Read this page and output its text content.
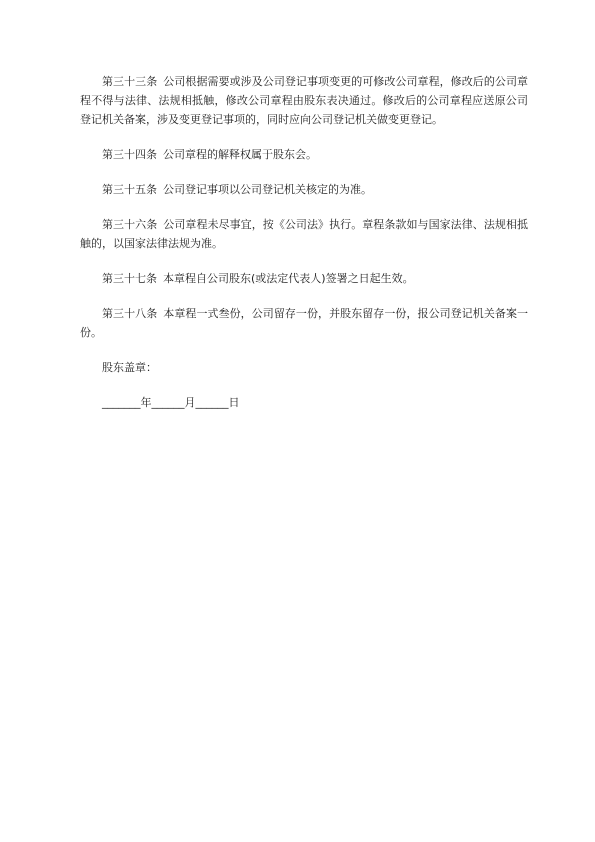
第三十三条 公司根据需要或涉及公司登记事项变更的可修改公司章程，修改后的公司章程不得与法律、法规相抵触，修改公司章程由股东表决通过。修改后的公司章程应送原公司登记机关备案，涉及变更登记事项的，同时应向公司登记机关做变更登记。

第三十四条 公司章程的解释权属于股东会。

第三十五条 公司登记事项以公司登记机关核定的为准。

第三十六条 公司章程未尽事宜，按《公司法》执行。章程条款如与国家法律、法规相抵触的，以国家法律法规为准。

第三十七条 本章程自公司股东(或法定代表人)签署之日起生效。

第三十八条 本章程一式叁份，公司留存一份，并股东留存一份，报公司登记机关备案一份。

股东盖章：

_______年______月______日
